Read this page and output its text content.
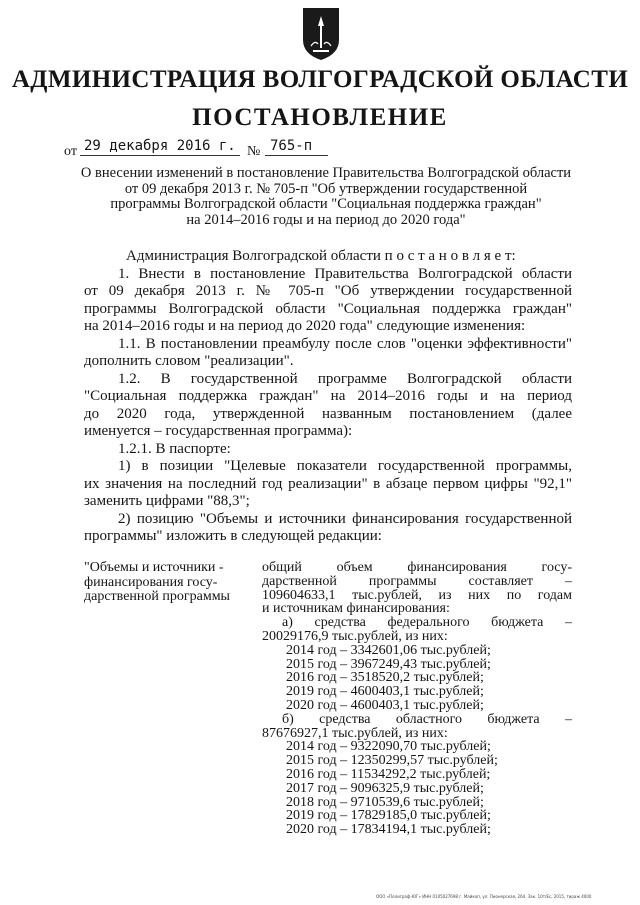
АДМИНИСТРАЦИЯ ВОЛГОГРАДСКОЙ ОБЛАСТИ
ПОСТАНОВЛЕНИЕ
от 29 декабря 2016 г. № 765-п
О внесении изменений в постановление Правительства Волгоградской области
от 09 декабря 2013 г. № 705-п "Об утверждении государственной
программы Волгоградской области "Социальная поддержка граждан"
на 2014–2016 годы и на период до 2020 года"
Администрация Волгоградской области п о с т а н о в л я е т:
1. Внести в постановление Правительства Волгоградской области
от 09 декабря 2013 г. № 705-п "Об утверждении государственной
программы Волгоградской области "Социальная поддержка граждан"
на 2014–2016 годы и на период до 2020 года" следующие изменения:
1.1. В постановлении преамбулу после слов "оценки эффективности"
дополнить словом "реализации".
1.2. В государственной программе Волгоградской области
"Социальная поддержка граждан" на 2014–2016 годы и на период
до 2020 года, утвержденной названным постановлением (далее
именуется – государственная программа):
1.2.1. В паспорте:
1) в позиции "Целевые показатели государственной программы,
их значения на последний год реализации" в абзаце первом цифры "92,1"
заменить цифрами "88,3";
2) позицию "Объемы и источники финансирования государственной
программы" изложить в следующей редакции:
"Объемы и источники -
финансирования госу-
дарственной программы
общий объем финансирования госу-
дарственной программы составляет –
109604633,1 тыс.рублей, из них по годам
и источникам финансирования:
а) средства федерального бюджета –
20029176,9 тыс.рублей, из них:
2014 год – 3342601,06 тыс.рублей;
2015 год – 3967249,43 тыс.рублей;
2016 год – 3518520,2 тыс.рублей;
2019 год – 4600403,1 тыс.рублей;
2020 год – 4600403,1 тыс.рублей;
б) средства областного бюджета –
87676927,1 тыс.рублей, из них:
2014 год – 9322090,70 тыс.рублей;
2015 год – 12350299,57 тыс.рублей;
2016 год – 11534292,2 тыс.рублей;
2017 год – 9096325,9 тыс.рублей;
2018 год – 9710539,6 тыс.рублей;
2019 год – 17829185,0 тыс.рублей;
2020 год – 17834194,1 тыс.рублей;
ООО «Полиграф-ЮГ» ИНН 0105027698 г. Майкоп, ул. Пионерская, 264. Зак. 10т/Ес, 2015, тираж 4000
